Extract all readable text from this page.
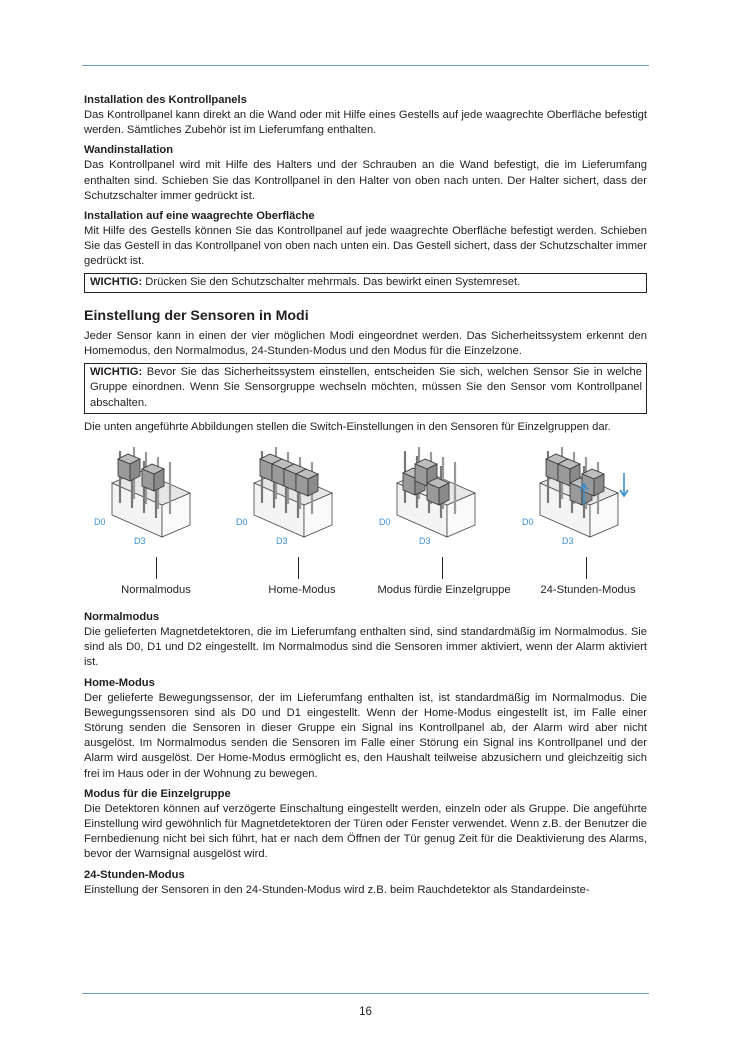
Installation des Kontrollpanels

Das Kontrollpanel kann direkt an die Wand oder mit Hilfe eines Gestells auf jede waagrechte Oberfläche befestigt werden. Sämtliches Zubehör ist im Lieferumfang enthalten.

Wandinstallation

Das Kontrollpanel wird mit Hilfe des Halters und der Schrauben an die Wand befestigt, die im Lieferumfang enthalten sind. Schieben Sie das Kontrollpanel in den Halter von oben nach unten. Der Halter sichert, dass der Schutzschalter immer gedrückt ist.

Installation auf eine waagrechte Oberfläche

Mit Hilfe des Gestells können Sie das Kontrollpanel auf jede waagrechte Oberfläche befestigt werden. Schieben Sie das Gestell in das Kontrollpanel von oben nach unten ein. Das Gestell sichert, dass der Schutzschalter immer gedrückt ist.

WICHTIG: Drücken Sie den Schutzschalter mehrmals. Das bewirkt einen Systemreset.

Einstellung der Sensoren in Modi

Jeder Sensor kann in einen der vier möglichen Modi eingeordnet werden. Das Sicherheitssystem erkennt den Homemodus, den Normalmodus, 24-Stunden-Modus und den Modus für die Einzelzone.

WICHTIG: Bevor Sie das Sicherheitssystem einstellen, entscheiden Sie sich, welchen Sensor Sie in welche Gruppe einordnen. Wenn Sie Sensorgruppe wechseln möchten, müssen Sie den Sensor vom Kontrollpanel abschalten.

Die unten angeführte Abbildungen stellen die Switch-Einstellungen in den Sensoren für Einzelgruppen dar.

D0
D3
D0
D3
D0
D3
D0
D3
Normalmodus	Home-Modus	Modus fürdie Einzelgruppe	24-Stunden-Modus

Normalmodus

Die gelieferten Magnetdetektoren, die im Lieferumfang enthalten sind, sind standardmäßig im Normalmodus. Sie sind als D0, D1 und D2 eingestellt. Im Normalmodus sind die Sensoren immer aktiviert, wenn der Alarm aktiviert ist.

Home-Modus

Der gelieferte Bewegungssensor, der im Lieferumfang enthalten ist, ist standardmäßig im Normalmodus. Die Bewegungssensoren sind als D0 und D1 eingestellt. Wenn der Home-Modus eingestellt ist, im Falle einer Störung senden die Sensoren in dieser Gruppe ein Signal ins Kontrollpanel ab, der Alarm wird aber nicht ausgelöst. Im Normalmodus senden die Sensoren im Falle einer Störung ein Signal ins Kontrollpanel und der Alarm wird ausgelöst. Der Home-Modus ermöglicht es, den Haushalt teilweise abzusichern und gleichzeitig sich frei im Haus oder in der Wohnung zu bewegen.

Modus für die Einzelgruppe

Die Detektoren können auf verzögerte Einschaltung eingestellt werden, einzeln oder als Gruppe. Die angeführte Einstellung wird gewöhnlich für Magnetdetektoren der Türen oder Fenster verwendet. Wenn z.B. der Benutzer die Fernbedienung nicht bei sich führt, hat er nach dem Öffnen der Tür genug Zeit für die Deaktivierung des Alarms, bevor der Warnsignal ausgelöst wird.

24-Stunden-Modus

Einstellung der Sensoren in den 24-Stunden-Modus wird z.B. beim Rauchdetektor als Standardeinste-

16
